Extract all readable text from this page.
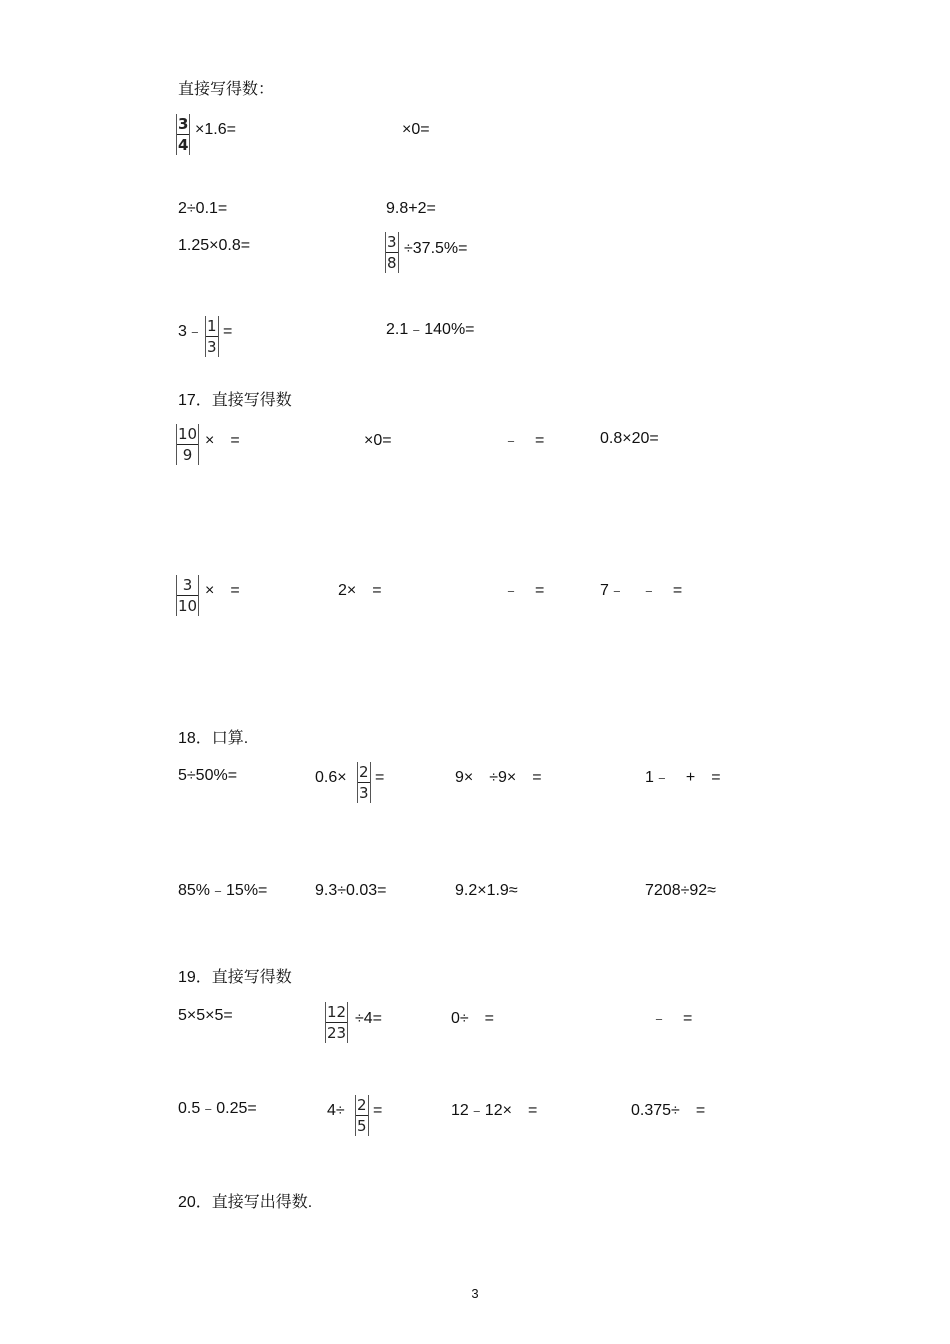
直接写得数：
$\frac{3}{4} \times 1.6=$	×0=
2÷0.1=	9.8+2=
1.25×0.8=	$\frac{3}{8} \div 37.5\%=$
3﹣ $\frac{1}{3}$ =	2.1﹣140%=
17．直接写得数
$\frac{10}{9}$ ×　=	×0=	﹣　=	0.8×20=
$\frac{3}{10}$ ×　=	2×　=	﹣　=	7﹣　﹣　=
18．口算.
5÷50%=	$0.6\times \frac{2}{3}$ =	9×　÷9×　=	1﹣　+　=
85%﹣15%=	9.3÷0.03=	9.2×1.9≈	7208÷92≈
19．直接写得数
5×5×5=	$\frac{12}{23} \div 4=$	0÷　=	﹣　=
0.5﹣0.25=	$4\div \frac{2}{5}$ =	12﹣12×　=	0.375÷　=
20．直接写出得数.
3
